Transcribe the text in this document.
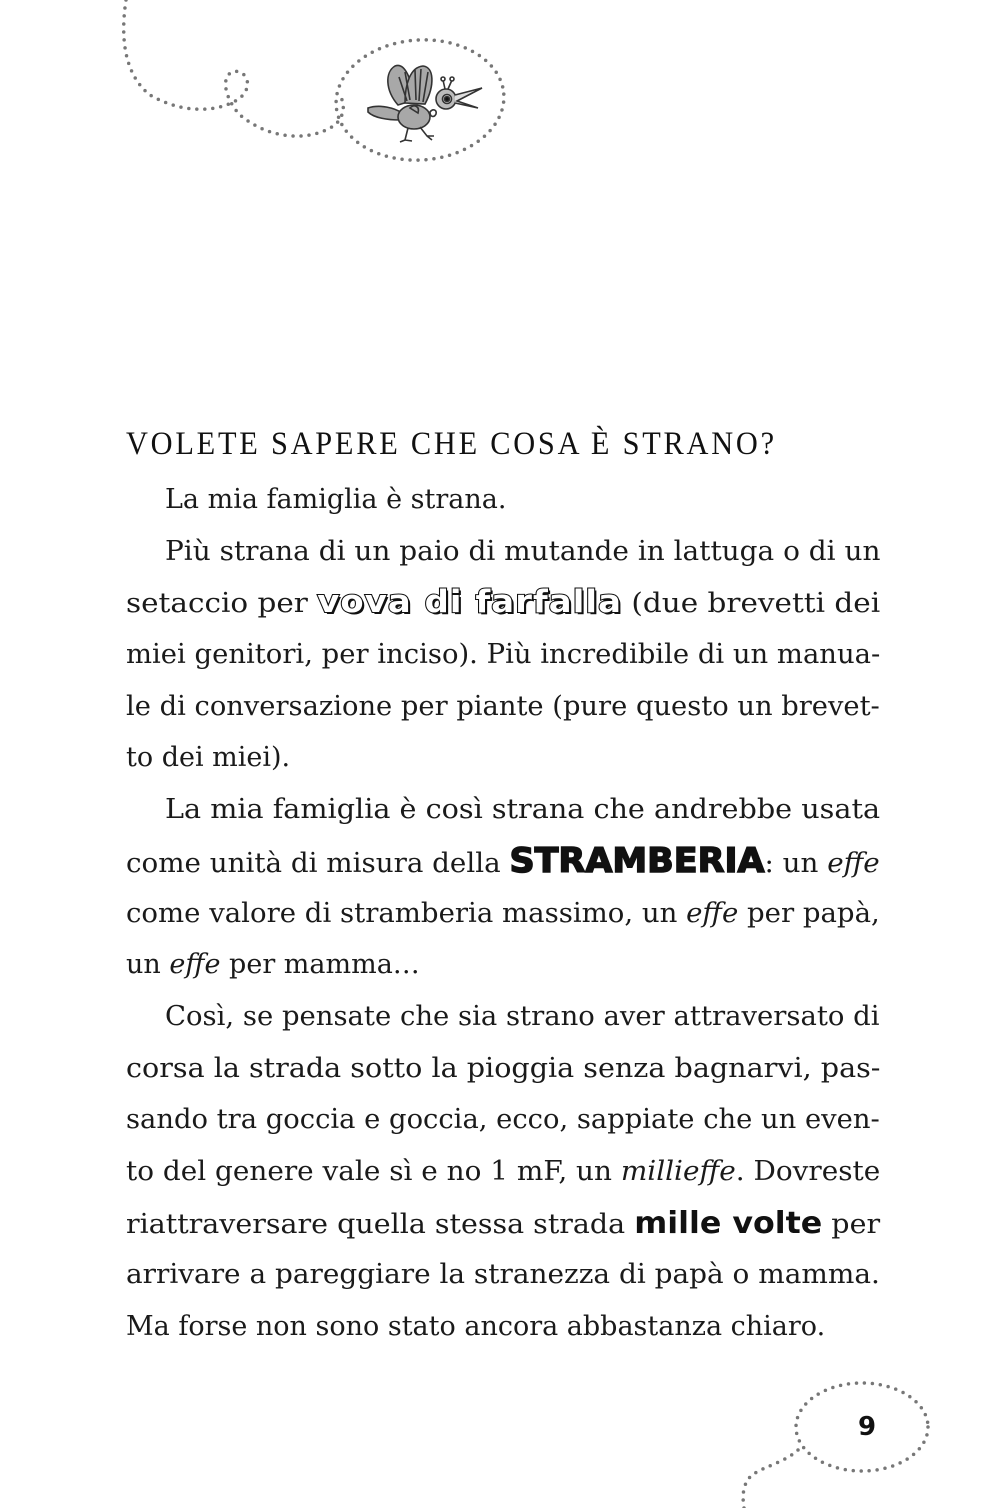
VOLETE SAPERE CHE COSA È STRANO?
La mia famiglia è strana.
Più strana di un paio di mutande in lattuga o di un
setaccio per vova di farfalla (due brevetti dei
miei genitori, per inciso). Più incredibile di un manua-
le di conversazione per piante (pure questo un brevet-
to dei miei).
La mia famiglia è così strana che andrebbe usata
come unità di misura della STRAMBERIA: un effe
come valore di stramberia massimo, un effe per papà,
un effe per mamma…
Così, se pensate che sia strano aver attraversato di
corsa la strada sotto la pioggia senza bagnarvi, pas-
sando tra goccia e goccia, ecco, sappiate che un even-
to del genere vale sì e no 1 mF, un millieffe. Dovreste
riattraversare quella stessa strada mille volte per
arrivare a pareggiare la stranezza di papà o mamma.
Ma forse non sono stato ancora abbastanza chiaro.
9
